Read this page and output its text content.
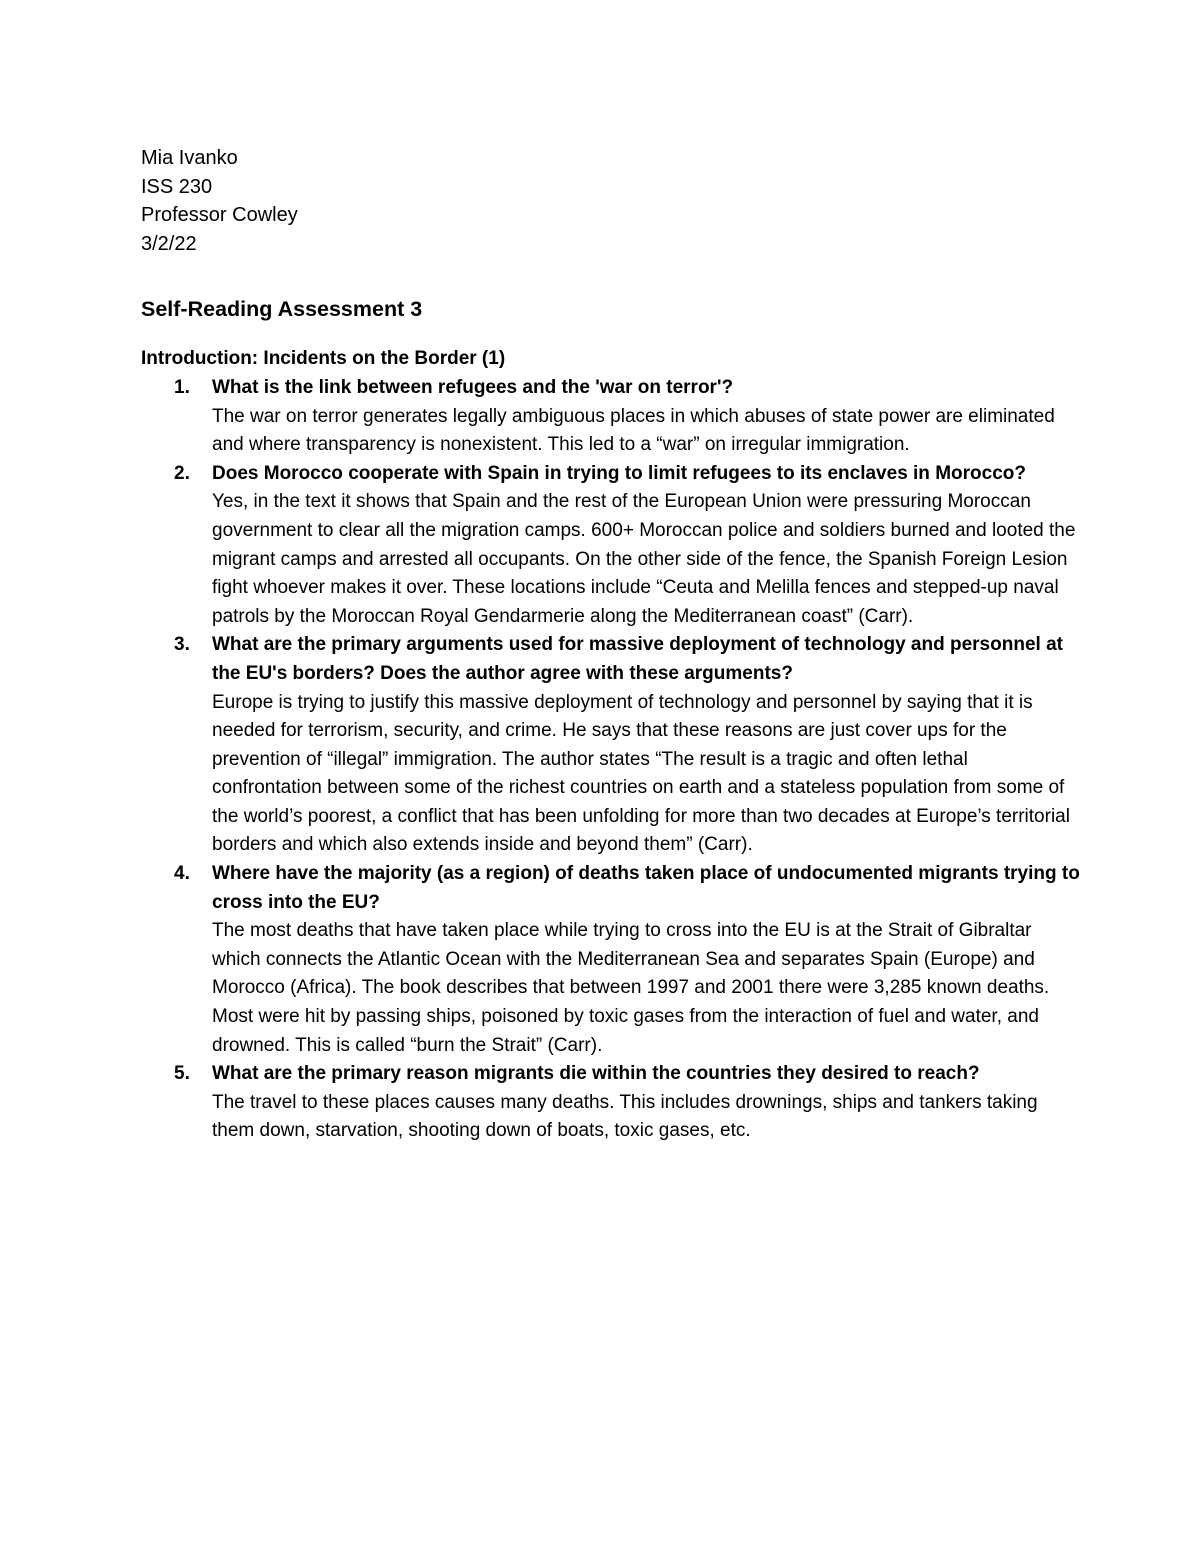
Mia Ivanko

ISS 230

Professor Cowley

3/2/22

Self-Reading Assessment 3

Introduction: Incidents on the Border (1)

1. What is the link between refugees and the 'war on terror'?

The war on terror generates legally ambiguous places in which abuses of state power are eliminated and where transparency is nonexistent. This led to a “war” on irregular immigration.

2. Does Morocco cooperate with Spain in trying to limit refugees to its enclaves in Morocco?

Yes, in the text it shows that Spain and the rest of the European Union were pressuring Moroccan government to clear all the migration camps. 600+ Moroccan police and soldiers burned and looted the migrant camps and arrested all occupants. On the other side of the fence, the Spanish Foreign Lesion fight whoever makes it over. These locations include “Ceuta and Melilla fences and stepped-up naval patrols by the Moroccan Royal Gendarmerie along the Mediterranean coast” (Carr).

3. What are the primary arguments used for massive deployment of technology and personnel at the EU's borders? Does the author agree with these arguments?

Europe is trying to justify this massive deployment of technology and personnel by saying that it is needed for terrorism, security, and crime. He says that these reasons are just cover ups for the prevention of “illegal” immigration. The author states “The result is a tragic and often lethal confrontation between some of the richest countries on earth and a stateless population from some of the world’s poorest, a conflict that has been unfolding for more than two decades at Europe’s territorial borders and which also extends inside and beyond them” (Carr).

4. Where have the majority (as a region) of deaths taken place of undocumented migrants trying to cross into the EU?

The most deaths that have taken place while trying to cross into the EU is at the Strait of Gibraltar which connects the Atlantic Ocean with the Mediterranean Sea and separates Spain (Europe) and Morocco (Africa). The book describes that between 1997 and 2001 there were 3,285 known deaths. Most were hit by passing ships, poisoned by toxic gases from the interaction of fuel and water, and drowned. This is called “burn the Strait” (Carr).

5. What are the primary reason migrants die within the countries they desired to reach?

The travel to these places causes many deaths. This includes drownings, ships and tankers taking them down, starvation, shooting down of boats, toxic gases, etc.
